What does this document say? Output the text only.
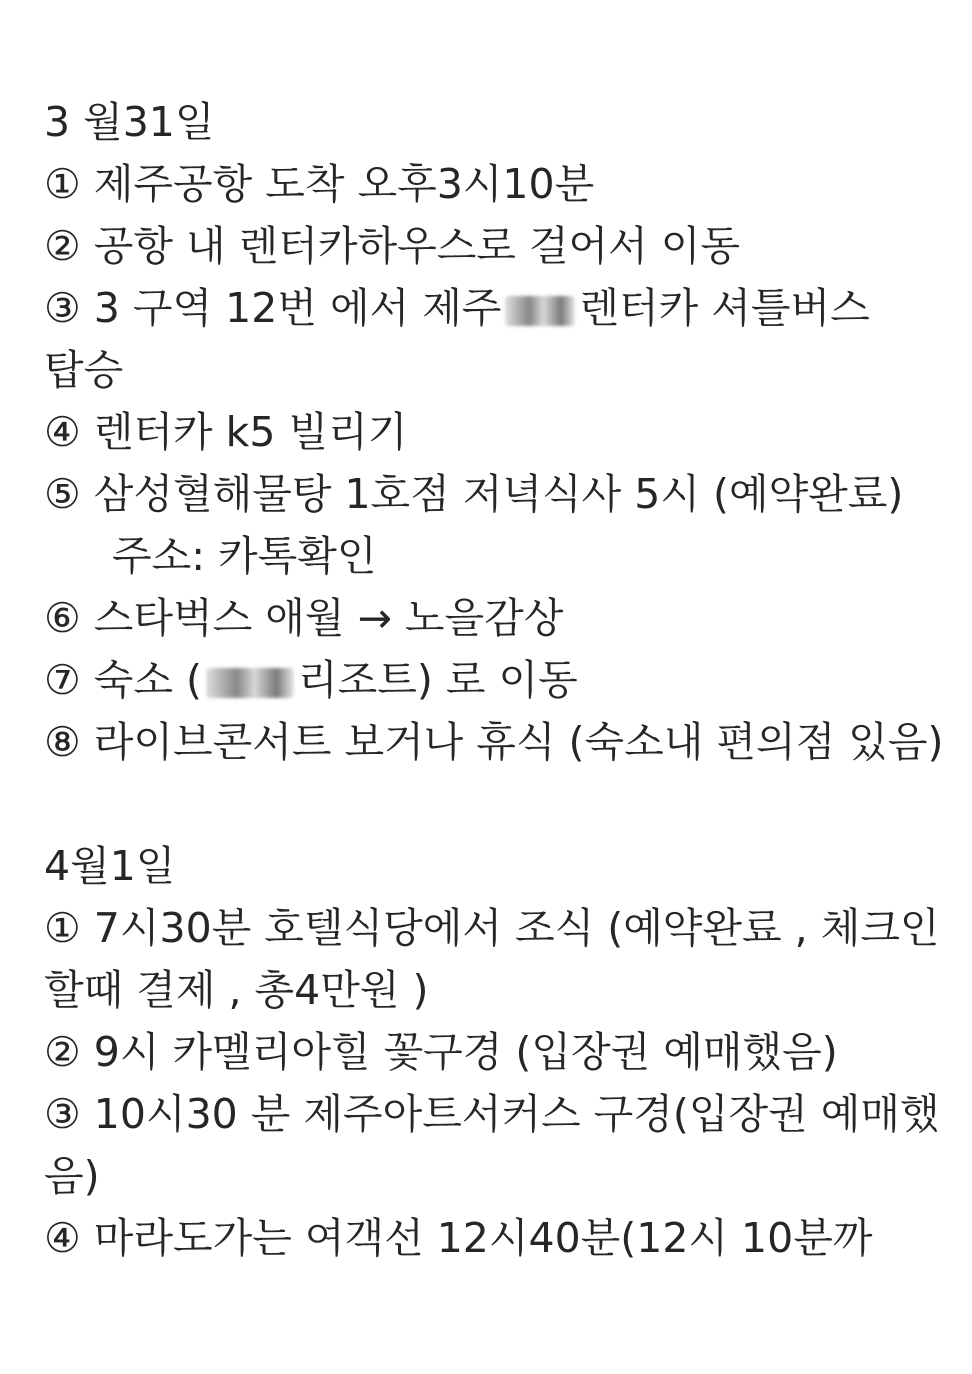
3 월31일
① 제주공항 도착 오후3시10분
② 공항 내 렌터카하우스로 걸어서 이동
③ 3 구역 12번 에서 제주 렌터카 셔틀버스
탑승
④ 렌터카 k5 빌리기
⑤ 삼성혈해물탕 1호점 저녁식사 5시 (예약완료)
주소: 카톡확인
⑥ 스타벅스 애월 → 노을감상
⑦ 숙소 ( 리조트) 로 이동
⑧ 라이브콘서트 보거나 휴식 (숙소내 편의점 있음)
4월1일
① 7시30분 호텔식당에서 조식 (예약완료 , 체크인할때 결제 , 총4만원 )
② 9시 카멜리아힐 꽃구경 (입장권 예매했음)
③ 10시30 분 제주아트서커스 구경(입장권 예매했음)
④ 마라도가는 여객선 12시40분(12시 10분까
